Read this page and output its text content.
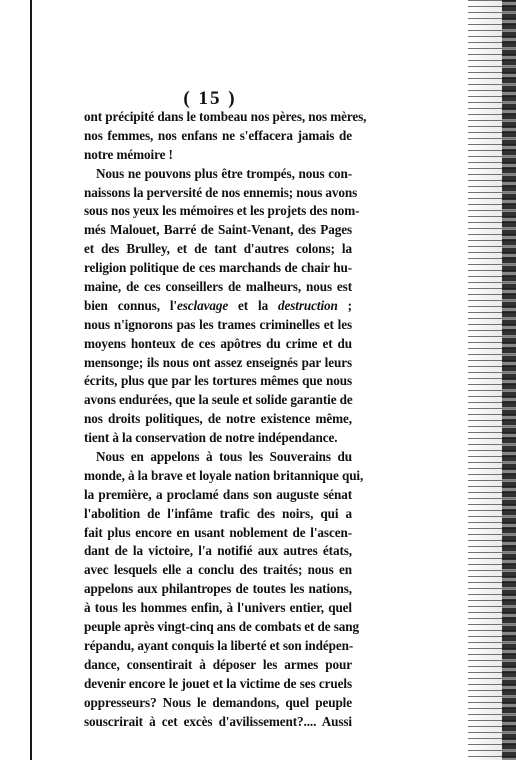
( 15 )
ont précipité dans le tombeau nos pères, nos mères,
nos femmes, nos enfans ne s'effacera jamais de
notre mémoire !
Nous ne pouvons plus être trompés, nous con-
naissons la perversité de nos ennemis; nous avons
sous nos yeux les mémoires et les projets des nom-
més Malouet, Barré de Saint-Venant, des Pages
et des Brulley, et de tant d'autres colons; la
religion politique de ces marchands de chair hu-
maine, de ces conseillers de malheurs, nous est
bien connus, l'esclavage et la destruction ;
nous n'ignorons pas les trames criminelles et les
moyens honteux de ces apôtres du crime et du
mensonge; ils nous ont assez enseignés par leurs
écrits, plus que par les tortures mêmes que nous
avons endurées, que la seule et solide garantie de
nos droits politiques, de notre existence même,
tient à la conservation de notre indépendance.
Nous en appelons à tous les Souverains du
monde, à la brave et loyale nation britannique qui,
la première, a proclamé dans son auguste sénat
l'abolition de l'infâme trafic des noirs, qui a
fait plus encore en usant noblement de l'ascen-
dant de la victoire, l'a notifié aux autres états,
avec lesquels elle a conclu des traités; nous en
appelons aux philantropes de toutes les nations,
à tous les hommes enfin, à l'univers entier, quel
peuple après vingt-cinq ans de combats et de sang
répandu, ayant conquis la liberté et son indépen-
dance, consentirait à déposer les armes pour
devenir encore le jouet et la victime de ses cruels
oppresseurs? Nous le demandons, quel peuple
souscrirait à cet excès d'avilissement?.... Aussi
